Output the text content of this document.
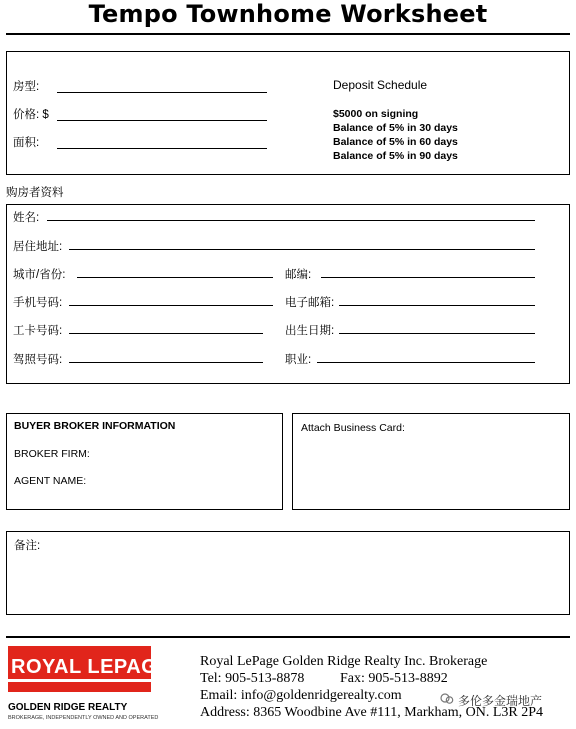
Tempo Townhome Worksheet
房型:
价格: $
面积:
Deposit Schedule
$5000 on signing
Balance of 5% in 30 days
Balance of 5% in 60 days
Balance of 5% in 90 days
购房者资料
姓名:
居住地址:
城市/省份:	邮编:
手机号码:	电子邮箱:
工卡号码:	出生日期:
驾照号码:	职业:
BUYER BROKER INFORMATION
BROKER FIRM:
AGENT NAME:
Attach Business Card:
备注:
ROYAL LEPAGE
GOLDEN RIDGE REALTY
BROKERAGE, INDEPENDENTLY OWNED AND OPERATED
Royal LePage Golden Ridge Realty Inc. Brokerage
Tel: 905-513-8878	Fax: 905-513-8892
Email: info@goldenridgerealty.com
Address: 8365 Woodbine Ave #111, Markham, ON. L3R 2P4
多伦多金瑞地产
